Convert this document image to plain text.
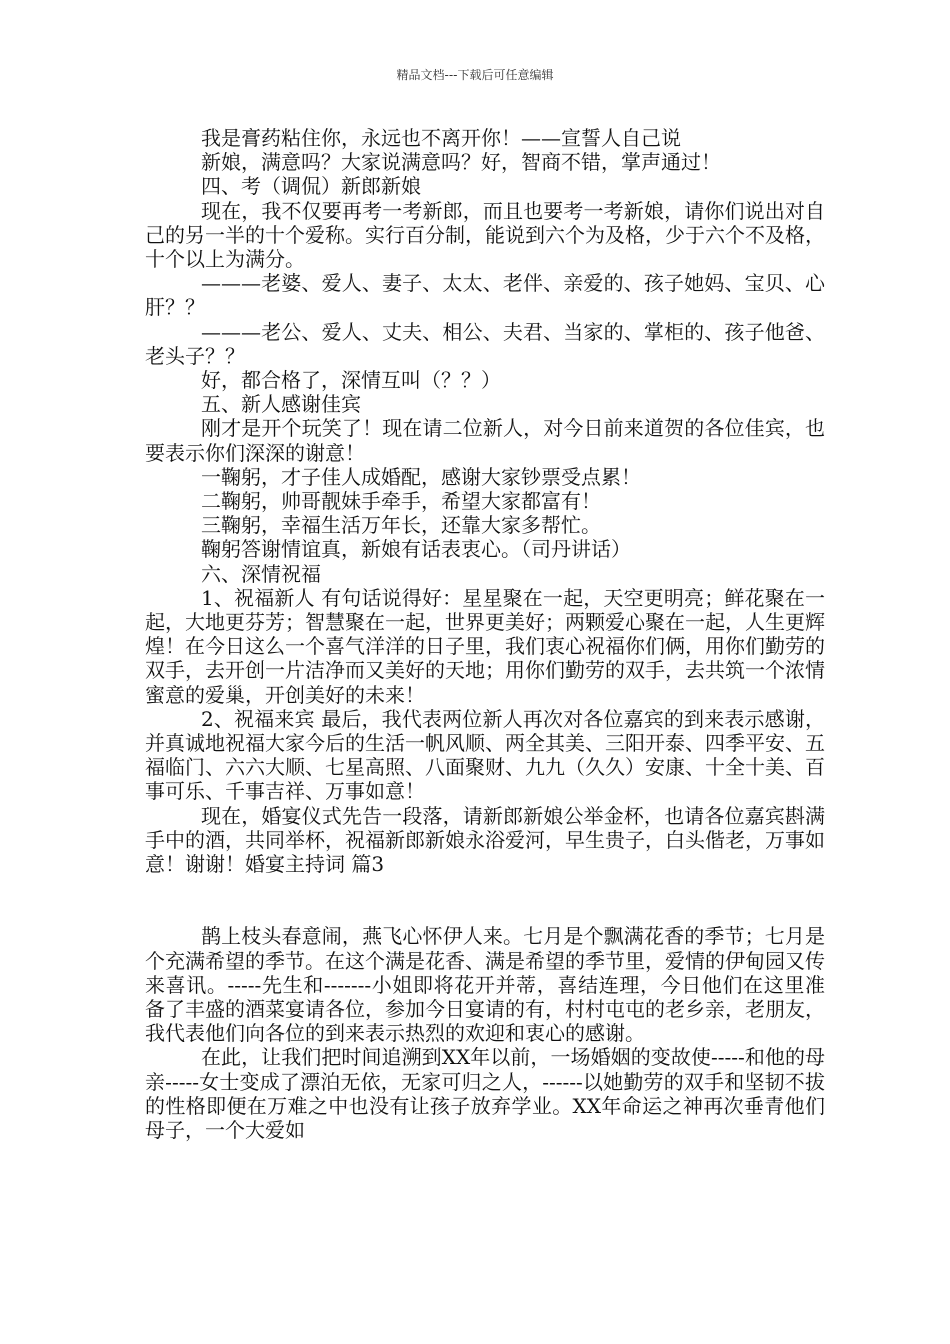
精品文档---下载后可任意编辑

我是膏药粘住你，永远也不离开你！——宣誓人自己说

新娘，满意吗？大家说满意吗？好，智商不错，掌声通过！

四、考（调侃）新郎新娘

现在，我不仅要再考一考新郎，而且也要考一考新娘，请你们说出对自己的另一半的十个爱称。实行百分制，能说到六个为及格，少于六个不及格，十个以上为满分。

———老婆、爱人、妻子、太太、老伴、亲爱的、孩子她妈、宝贝、心肝？？

———老公、爱人、丈夫、相公、夫君、当家的、掌柜的、孩子他爸、老头子？？

好，都合格了，深情互叫（？？）

五、新人感谢佳宾

刚才是开个玩笑了！现在请二位新人，对今日前来道贺的各位佳宾，也要表示你们深深的谢意！

一鞠躬，才子佳人成婚配，感谢大家钞票受点累！

二鞠躬，帅哥靓妹手牵手，希望大家都富有！

三鞠躬，幸福生活万年长，还靠大家多帮忙。

鞠躬答谢情谊真，新娘有话表衷心。（司丹讲话）

六、深情祝福

1、祝福新人 有句话说得好：星星聚在一起，天空更明亮；鲜花聚在一起，大地更芬芳；智慧聚在一起，世界更美好；两颗爱心聚在一起，人生更辉煌！在今日这么一个喜气洋洋的日子里，我们衷心祝福你们俩，用你们勤劳的双手，去开创一片洁净而又美好的天地；用你们勤劳的双手，去共筑一个浓情蜜意的爱巢，开创美好的未来！

2、祝福来宾 最后，我代表两位新人再次对各位嘉宾的到来表示感谢，并真诚地祝福大家今后的生活一帆风顺、两全其美、三阳开泰、四季平安、五福临门、六六大顺、七星高照、八面聚财、九九（久久）安康、十全十美、百事可乐、千事吉祥、万事如意！

现在，婚宴仪式先告一段落，请新郎新娘公举金杯，也请各位嘉宾斟满手中的酒，共同举杯，祝福新郎新娘永浴爱河，早生贵子，白头偕老，万事如意！谢谢！婚宴主持词 篇3

鹊上枝头春意闹，燕飞心怀伊人来。七月是个飘满花香的季节；七月是个充满希望的季节。在这个满是花香、满是希望的季节里，爱情的伊甸园又传来喜讯。-----先生和-------小姐即将花开并蒂，喜结连理，今日他们在这里准备了丰盛的酒菜宴请各位，参加今日宴请的有，村村屯屯的老乡亲，老朋友，我代表他们向各位的到来表示热烈的欢迎和衷心的感谢。

在此，让我们把时间追溯到XX年以前，一场婚姻的变故使-----和他的母亲-----女士变成了漂泊无依，无家可归之人，------以她勤劳的双手和坚韧不拔的性格即便在万难之中也没有让孩子放弃学业。XX年命运之神再次垂青他们母子，一个大爱如
